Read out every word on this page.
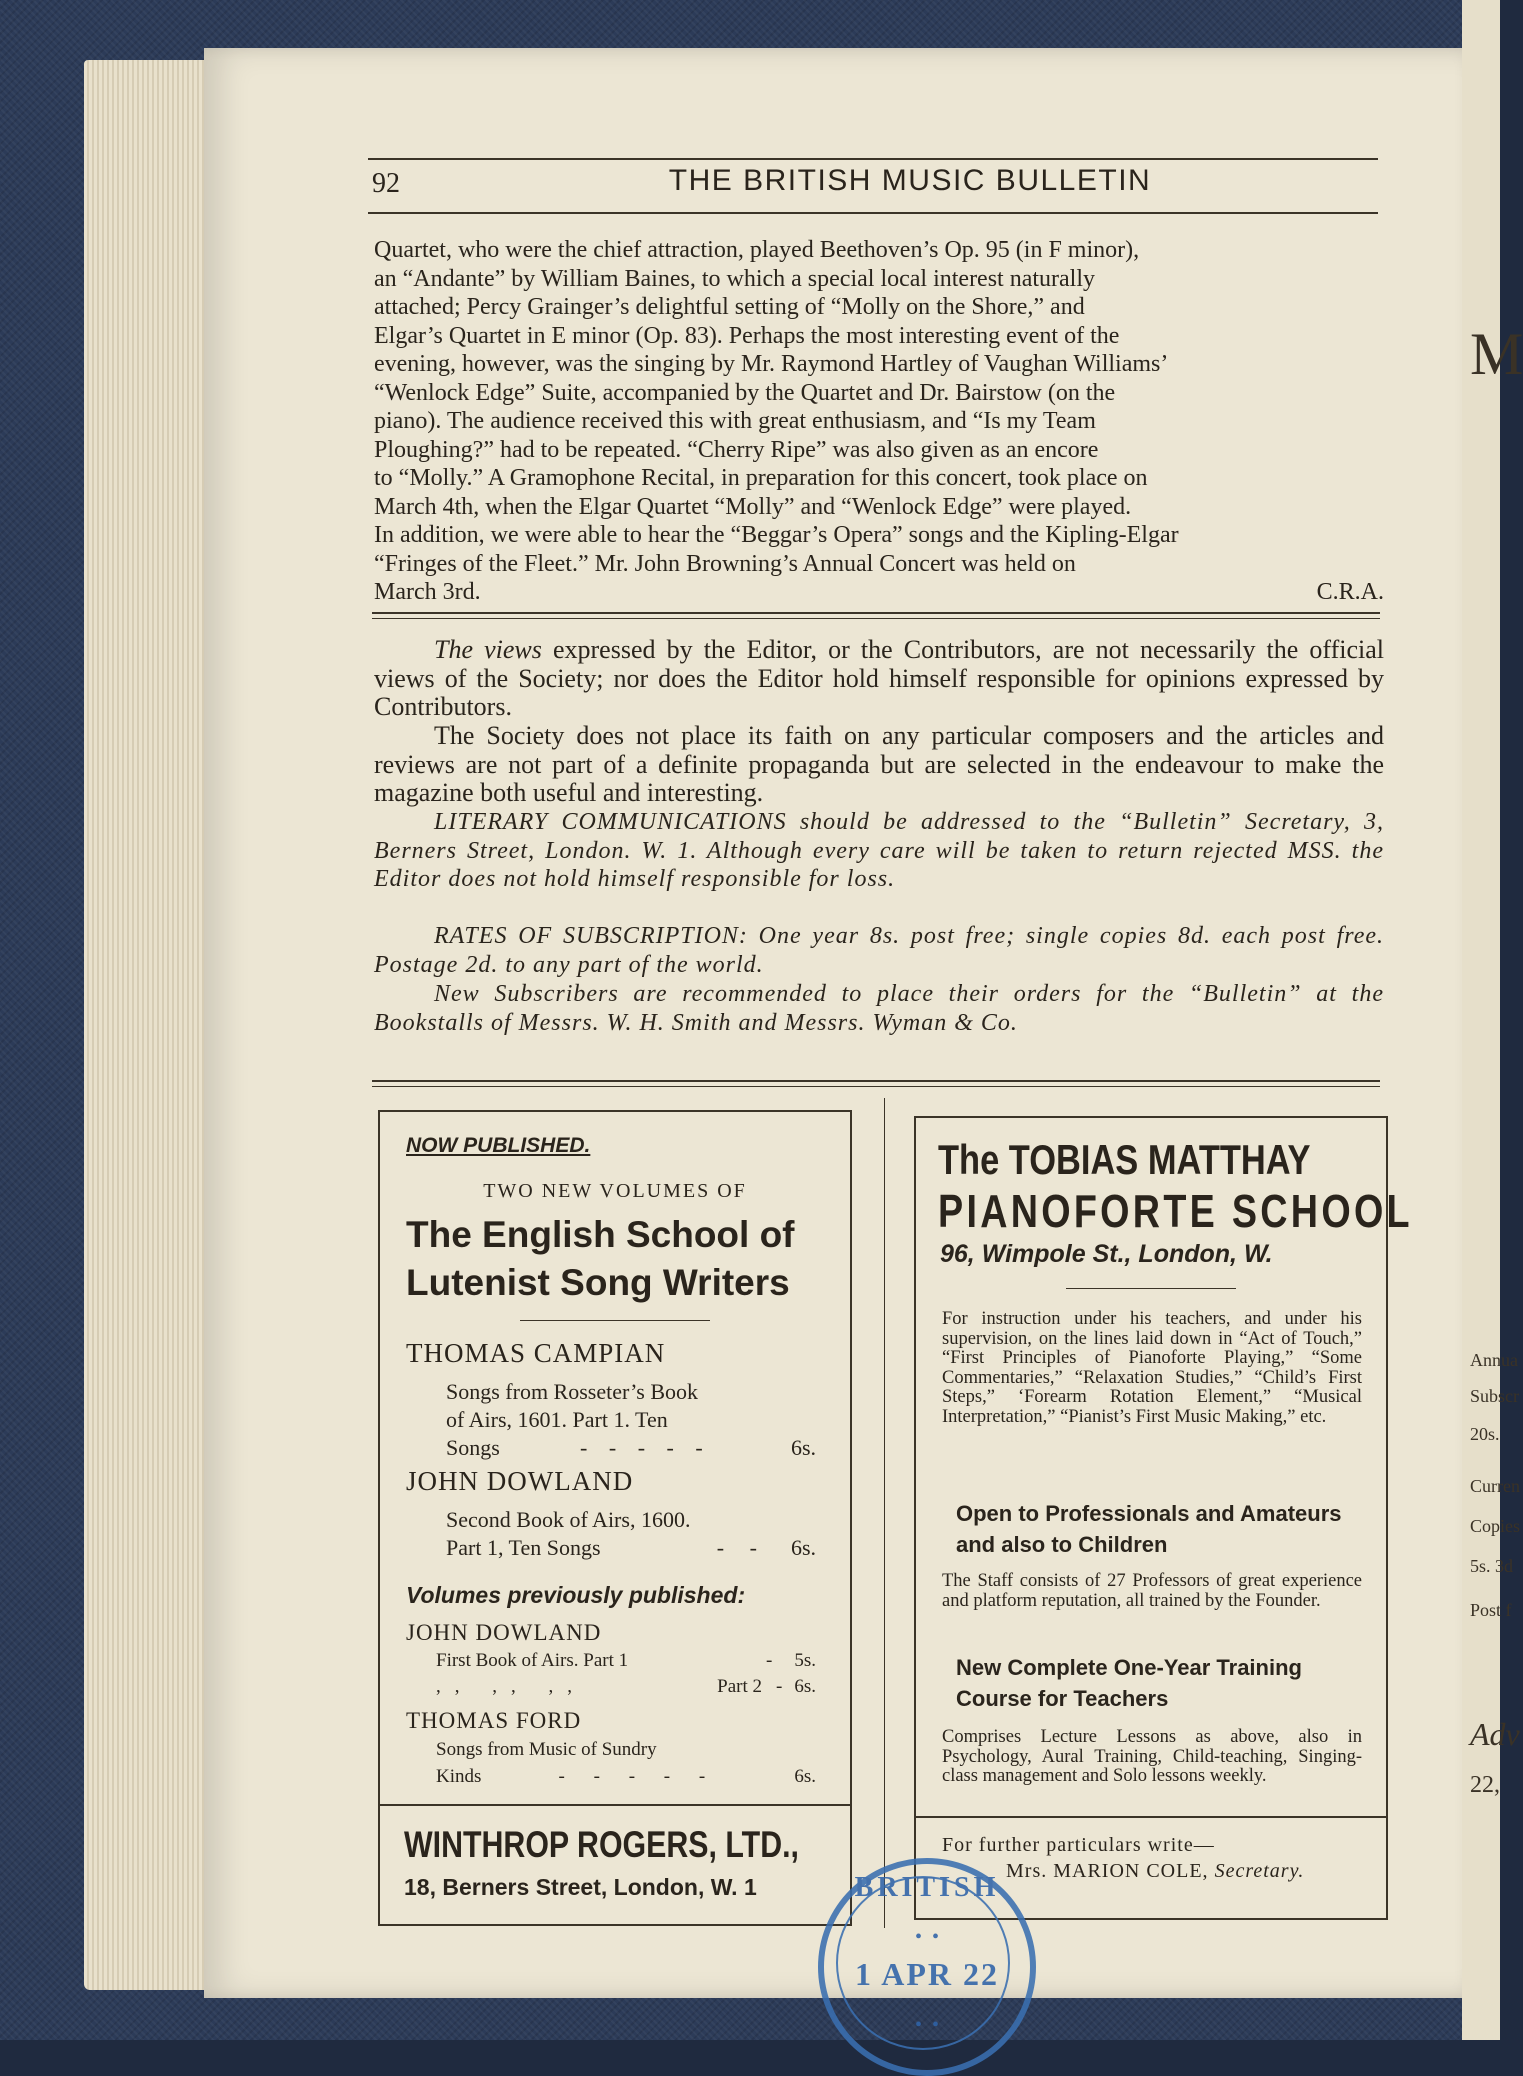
92	THE BRITISH MUSIC BULLETIN
Quartet, who were the chief attraction, played Beethoven’s Op. 95 (in F minor),
an “Andante” by William Baines, to which a special local interest naturally
attached; Percy Grainger’s delightful setting of “Molly on the Shore,” and
Elgar’s Quartet in E minor (Op. 83). Perhaps the most interesting event of the
evening, however, was the singing by Mr. Raymond Hartley of Vaughan Williams’
“Wenlock Edge” Suite, accompanied by the Quartet and Dr. Bairstow (on the
piano). The audience received this with great enthusiasm, and “Is my Team
Ploughing?” had to be repeated. “Cherry Ripe” was also given as an encore
to “Molly.” A Gramophone Recital, in preparation for this concert, took place on
March 4th, when the Elgar Quartet “Molly” and “Wenlock Edge” were played.
In addition, we were able to hear the “Beggar’s Opera” songs and the Kipling-Elgar
“Fringes of the Fleet.” Mr. John Browning’s Annual Concert was held on
March 3rd.	C.R.A.

The views expressed by the Editor, or the Contributors, are not necessarily the official views of the Society; nor does the Editor hold himself responsible for opinions expressed by Contributors.

The Society does not place its faith on any particular composers and the articles and reviews are not part of a definite propaganda but are selected in the endeavour to make the magazine both useful and interesting.

LITERARY COMMUNICATIONS should be addressed to the “Bulletin” Secretary, 3, Berners Street, London. W. 1. Although every care will be taken to return rejected MSS. the Editor does not hold himself responsible for loss.

RATES OF SUBSCRIPTION: One year 8s. post free; single copies 8d. each post free. Postage 2d. to any part of the world.

New Subscribers are recommended to place their orders for the “Bulletin” at the Bookstalls of Messrs. W. H. Smith and Messrs. Wyman & Co.

NOW PUBLISHED.
TWO NEW VOLUMES OF
The English School of
Lutenist Song Writers
THOMAS CAMPIAN
Songs from Rosseter’s Book
of Airs, 1601. Part 1. Ten
Songs	- - - - -	6s.
JOHN DOWLAND
Second Book of Airs, 1600.
Part 1, Ten Songs	- - 6s.
Volumes previously published:
JOHN DOWLAND
First Book of Airs. Part 1	- 5s.
,, ,, ,,	Part 2 - 6s.
THOMAS FORD
Songs from Music of Sundry
Kinds	- - - - -	6s.
WINTHROP ROGERS, LTD.,
18, Berners Street, London, W. 1
The TOBIAS MATTHAY
PIANOFORTE SCHOOL
96, Wimpole St., London, W.
For instruction under his teachers, and under his supervision, on the lines laid down in “Act of Touch,” “First Principles of Pianoforte Playing,” “Some Commentaries,” “Relaxation Studies,” “Child’s First Steps,” ‘Forearm Rotation Element,” “Musical Interpretation,” “Pianist’s First Music Making,” etc.
Open to Professionals and Amateurs and also to Children
The Staff consists of 27 Professors of great experience and platform reputation, all trained by the Founder.
New Complete One-Year Training Course for Teachers
Comprises Lecture Lessons as above, also in Psychology, Aural Training, Child-teaching, Singing-class management and Solo lessons weekly.
For further particulars write—
Mrs. MARION COLE, Secretary.
BRITISH
•  •
1 APR 22
•  •
M
Annua
Subscr
20s.
Curren
Copies
5s. 3d
Post f
Adv
22,
